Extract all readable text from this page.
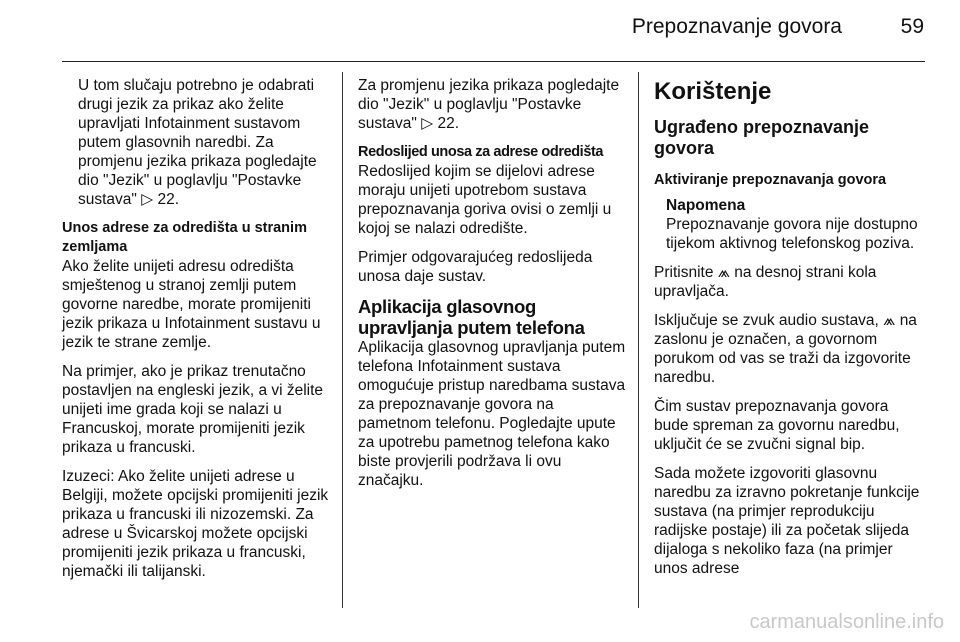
Prepoznavanje govora	59

U tom slučaju potrebno je odabrati drugi jezik za prikaz ako želite upravljati Infotainment sustavom putem glasovnih naredbi. Za promjenu jezika prikaza pogledajte dio "Jezik" u poglavlju "Postavke sustava" ▷ 22.

Unos adrese za odredišta u stranim zemljama
Ako želite unijeti adresu odredišta smještenog u stranoj zemlji putem govorne naredbe, morate promijeniti jezik prikaza u Infotainment sustavu u jezik te strane zemlje.

Na primjer, ako je prikaz trenutačno postavljen na engleski jezik, a vi želite unijeti ime grada koji se nalazi u Francuskoj, morate promijeniti jezik prikaza u francuski.

Izuzeci: Ako želite unijeti adrese u Belgiji, možete opcijski promijeniti jezik prikaza u francuski ili nizozemski. Za adrese u Švicarskoj možete opcijski promijeniti jezik prikaza u francuski, njemački ili talijanski.

Za promjenu jezika prikaza pogledajte dio "Jezik" u poglavlju "Postavke sustava" ▷ 22.

Redoslijed unosa za adrese odredišta
Redoslijed kojim se dijelovi adrese moraju unijeti upotrebom sustava prepoznavanja goriva ovisi o zemlji u kojoj se nalazi odredište.

Primjer odgovarajućeg redoslijeda unosa daje sustav.

Aplikacija glasovnog upravljanja putem telefona

Aplikacija glasovnog upravljanja putem telefona Infotainment sustava omogućuje pristup naredbama sustava za prepoznavanje govora na pametnom telefonu. Pogledajte upute za upotrebu pametnog telefona kako biste provjerili podržava li ovu značajku.

Korištenje
Ugrađeno prepoznavanje govora
Aktiviranje prepoznavanja govora
Napomena
Prepoznavanje govora nije dostupno tijekom aktivnog telefonskog poziva.

Pritisnite ⩕ na desnoj strani kola upravljača.

Isključuje se zvuk audio sustava, ⩕ na zaslonu je označen, a govornom porukom od vas se traži da izgovorite naredbu.

Čim sustav prepoznavanja govora bude spreman za govornu naredbu, uključit će se zvučni signal bip.

Sada možete izgovoriti glasovnu naredbu za izravno pokretanje funkcije sustava (na primjer reprodukciju radijske postaje) ili za početak slijeda dijaloga s nekoliko faza (na primjer unos adrese

carmanualsonline.info
